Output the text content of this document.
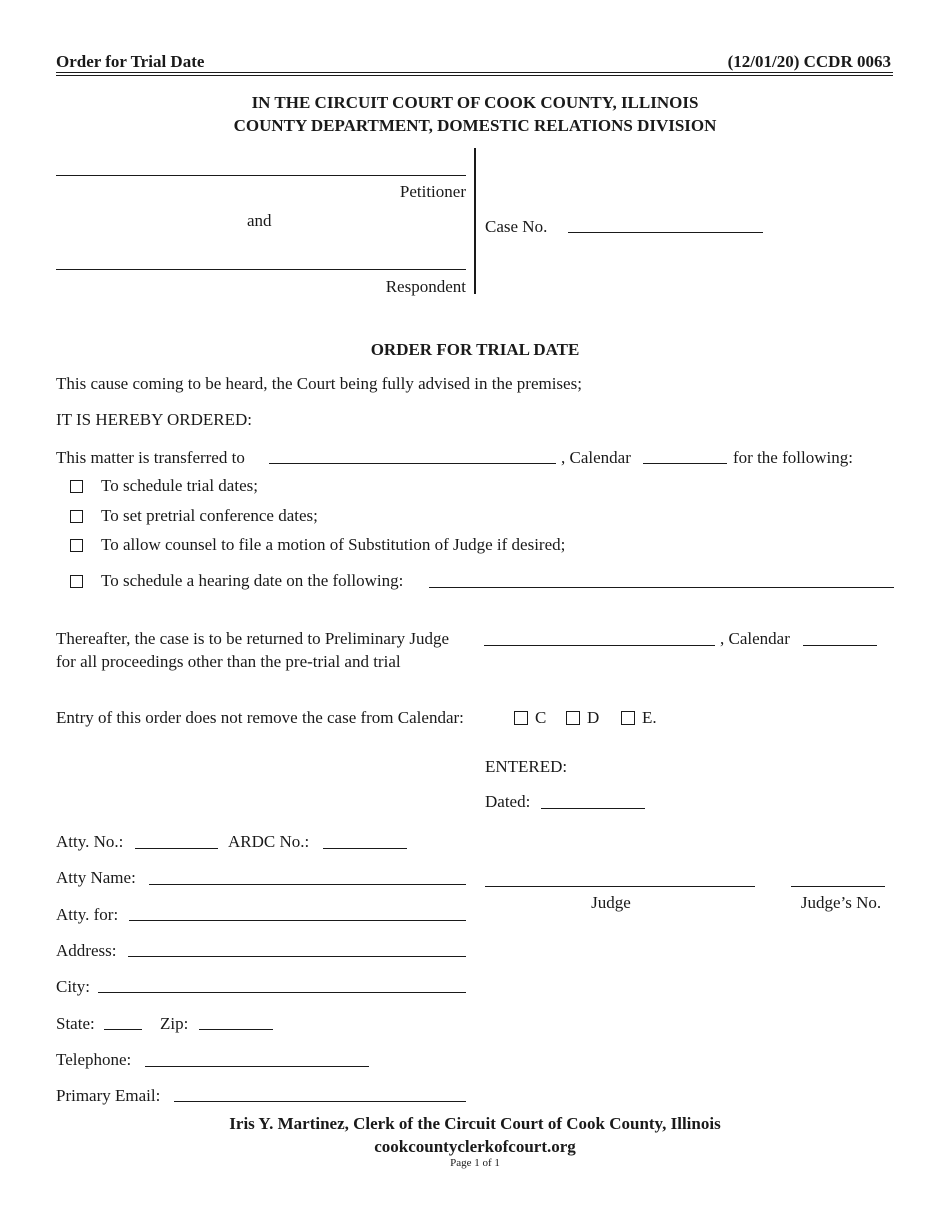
Order for Trial Date	(12/01/20) CCDR 0063
IN THE CIRCUIT COURT OF COOK COUNTY, ILLINOIS
COUNTY DEPARTMENT, DOMESTIC RELATIONS DIVISION
Petitioner
and
Respondent
Case No.
ORDER FOR TRIAL DATE
This cause coming to be heard, the Court being fully advised in the premises;
IT IS HEREBY ORDERED:
This matter is transferred to	, Calendar	for the following:
To schedule trial dates;
To set pretrial conference dates;
To allow counsel to file a motion of Substitution of Judge if desired;
To schedule a hearing date on the following:
Thereafter, the case is to be returned to Preliminary Judge	, Calendar
for all proceedings other than the pre-trial and trial
Entry of this order does not remove the case from Calendar:	C D	E.
ENTERED:
Dated:
Judge	Judge’s No.
Atty. No.:	ARDC No.:
Atty Name:
Atty. for:
Address:
City:
State:	Zip:
Telephone:
Primary Email:
Iris Y. Martinez, Clerk of the Circuit Court of Cook County, Illinois
cookcountyclerkofcourt.org
Page 1 of 1
